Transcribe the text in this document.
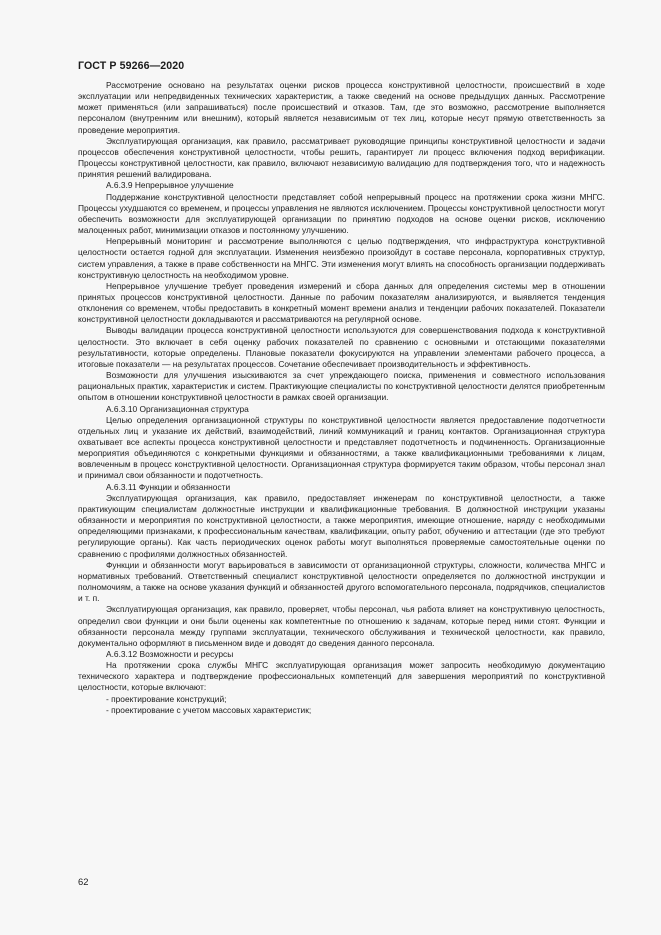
ГОСТ Р 59266—2020

Рассмотрение основано на результатах оценки рисков процесса конструктивной целостности, происшествий в ходе эксплуатации или непредвиденных технических характеристик, а также сведений на основе предыдущих данных. Рассмотрение может применяться (или запрашиваться) после происшествий и отказов. Там, где это возможно, рассмотрение выполняется персоналом (внутренним или внешним), который является независимым от тех лиц, которые несут прямую ответственность за проведение мероприятия.

Эксплуатирующая организация, как правило, рассматривает руководящие принципы конструктивной целостности и задачи процессов обеспечения конструктивной целостности, чтобы решить, гарантирует ли процесс включения подход верификации. Процессы конструктивной целостности, как правило, включают независимую валидацию для подтверждения того, что и надежность принятия решений валидирована.

А.6.3.9 Непрерывное улучшение

Поддержание конструктивной целостности представляет собой непрерывный процесс на протяжении срока жизни МНГС. Процессы ухудшаются со временем, и процессы управления не являются исключением. Процессы конструктивной целостности могут обеспечить возможности для эксплуатирующей организации по принятию подходов на основе оценки рисков, исключению малоценных работ, минимизации отказов и постоянному улучшению.

Непрерывный мониторинг и рассмотрение выполняются с целью подтверждения, что инфраструктура конструктивной целостности остается годной для эксплуатации. Изменения неизбежно произойдут в составе персонала, корпоративных структур, систем управления, а также в праве собственности на МНГС. Эти изменения могут влиять на способность организации поддерживать конструктивную целостность на необходимом уровне.

Непрерывное улучшение требует проведения измерений и сбора данных для определения системы мер в отношении принятых процессов конструктивной целостности. Данные по рабочим показателям анализируются, и выявляется тенденция отклонения со временем, чтобы предоставить в конкретный момент времени анализ и тенденции рабочих показателей. Показатели конструктивной целостности докладываются и рассматриваются на регулярной основе.

Выводы валидации процесса конструктивной целостности используются для совершенствования подхода к конструктивной целостности. Это включает в себя оценку рабочих показателей по сравнению с основными и отстающими показателями результативности, которые определены. Плановые показатели фокусируются на управлении элементами рабочего процесса, а итоговые показатели — на результатах процессов. Сочетание обеспечивает производительность и эффективность.

Возможности для улучшения изыскиваются за счет упреждающего поиска, применения и совместного использования рациональных практик, характеристик и систем. Практикующие специалисты по конструктивной целостности делятся приобретенным опытом в отношении конструктивной целостности в рамках своей организации.

А.6.3.10 Организационная структура

Целью определения организационной структуры по конструктивной целостности является предоставление подотчетности отдельных лиц и указание их действий, взаимодействий, линий коммуникаций и границ контактов. Организационная структура охватывает все аспекты процесса конструктивной целостности и представляет подотчетность и подчиненность. Организационные мероприятия объединяются с конкретными функциями и обязанностями, а также квалификационными требованиями к лицам, вовлеченным в процесс конструктивной целостности. Организационная структура формируется таким образом, чтобы персонал знал и принимал свои обязанности и подотчетность.

А.6.3.11 Функции и обязанности

Эксплуатирующая организация, как правило, предоставляет инженерам по конструктивной целостности, а также практикующим специалистам должностные инструкции и квалификационные требования. В должностной инструкции указаны обязанности и мероприятия по конструктивной целостности, а также мероприятия, имеющие отношение, наряду с необходимыми определяющими признаками, к профессиональным качествам, квалификации, опыту работ, обучению и аттестации (где это требуют регулирующие органы). Как часть периодических оценок работы могут выполняться проверяемые самостоятельные оценки по сравнению с профилями должностных обязанностей.

Функции и обязанности могут варьироваться в зависимости от организационной структуры, сложности, количества МНГС и нормативных требований. Ответственный специалист конструктивной целостности определяется по должностной инструкции и полномочиям, а также на основе указания функций и обязанностей другого вспомогательного персонала, подрядчиков, специалистов и т. п.

Эксплуатирующая организация, как правило, проверяет, чтобы персонал, чья работа влияет на конструктивную целостность, определил свои функции и они были оценены как компетентные по отношению к задачам, которые перед ними стоят. Функции и обязанности персонала между группами эксплуатации, технического обслуживания и технической целостности, как правило, документально оформляют в письменном виде и доводят до сведения данного персонала.

А.6.3.12 Возможности и ресурсы

На протяжении срока службы МНГС эксплуатирующая организация может запросить необходимую документацию технического характера и подтверждение профессиональных компетенций для завершения мероприятий по конструктивной целостности, которые включают:

- проектирование конструкций;

- проектирование с учетом массовых характеристик;

62
